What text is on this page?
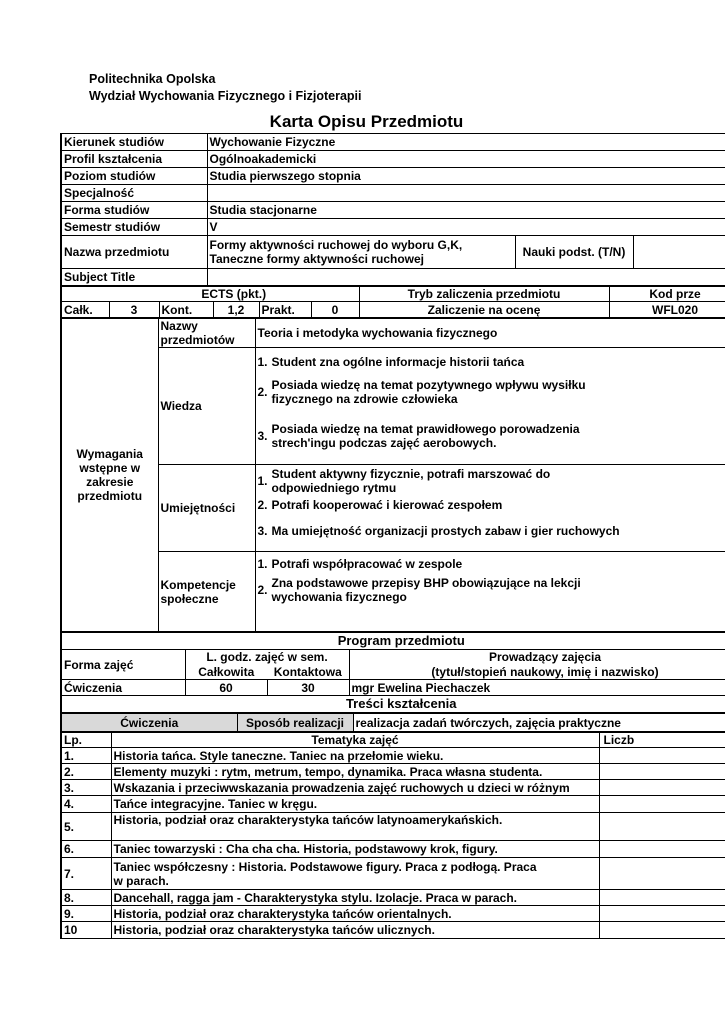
Politechnika Opolska
Wydział Wychowania Fizycznego i Fizjoterapii
Karta Opisu Przedmiotu
Kierunek studiów	Wychowanie Fizyczne		
Profil kształcenia	Ogólnoakademicki		
Poziom studiów	Studia pierwszego stopnia		
Specjalność			
Forma studiów	Studia stacjonarne		
Semestr studiów	V		
Nazwa przedmiotu	Formy aktywności ruchowej do wyboru G,K, Taneczne formy aktywności ruchowej	Nauki podst. (T/N)	
Subject Title			
	ECTS (pkt.)					Tryb zaliczenia przedmiotu	Kod prze
Całk.	3	Kont.	1,2	Prakt.	0	Zaliczenie na ocenę	WFL020
Wymagania wstępne w zakresie przedmiotu	Nazwy przedmiotów	Teoria i metodyka wychowania fizycznego
	Wiedza	1. Student zna ogólne informacje historii tańca
2. Posiada wiedzę na temat pozytywnego wpływu wysiłku fizycznego na zdrowie człowieka
3. Posiada wiedzę na temat prawidłowego porowadzenia strech'ingu podczas zajęć aerobowych.

	Umiejętności	1. Student aktywny fizycznie, potrafi marszować do odpowiedniego rytmu
2. Potrafi kooperować i kierować zespołem
3. Ma umiejętność organizacji prostych zabaw i gier ruchowych

	Kompetencje społeczne	1. Potrafi współpracować w zespole
2. Zna podstawowe przepisy BHP obowiązujące na lekcji wychowania fizycznego
Program przedmiotu			
Forma zajęć	L. godz. zajęć w sem.		Prowadzący zajęcia
	Całkowita	Kontaktowa	(tytuł/stopień naukowy, imię i nazwisko)
Ćwiczenia	60	30	mgr Ewelina Piechaczek
Treści kształcenia			
Ćwiczenia	Sposób realizacji	realizacja zadań twórczych, zajęcia praktyczne
Lp.	Tematyka zajęć	Liczb
1.	Historia tańca. Style taneczne. Taniec na przełomie wieku.	
2.	Elementy muzyki : rytm, metrum, tempo, dynamika. Praca własna studenta.	
3.	Wskazania i przeciwwskazania prowadzenia zajęć ruchowych u dzieci w różnym	
4.	Tańce integracyjne. Taniec w kręgu.	
5.	Historia, podział oraz charakterystyka tańców latynoamerykańskich.	
6.	Taniec towarzyski : Cha cha cha. Historia, podstawowy krok, figury.	
7.	Taniec współczesny : Historia. Podstawowe figury. Praca z podłogą. Praca w parach.	
8.	Dancehall, ragga jam - Charakterystyka stylu. Izolacje. Praca w parach.	
9.	Historia, podział oraz charakterystyka tańców orientalnych.	
10	Historia, podział oraz charakterystyka tańców ulicznych.	
